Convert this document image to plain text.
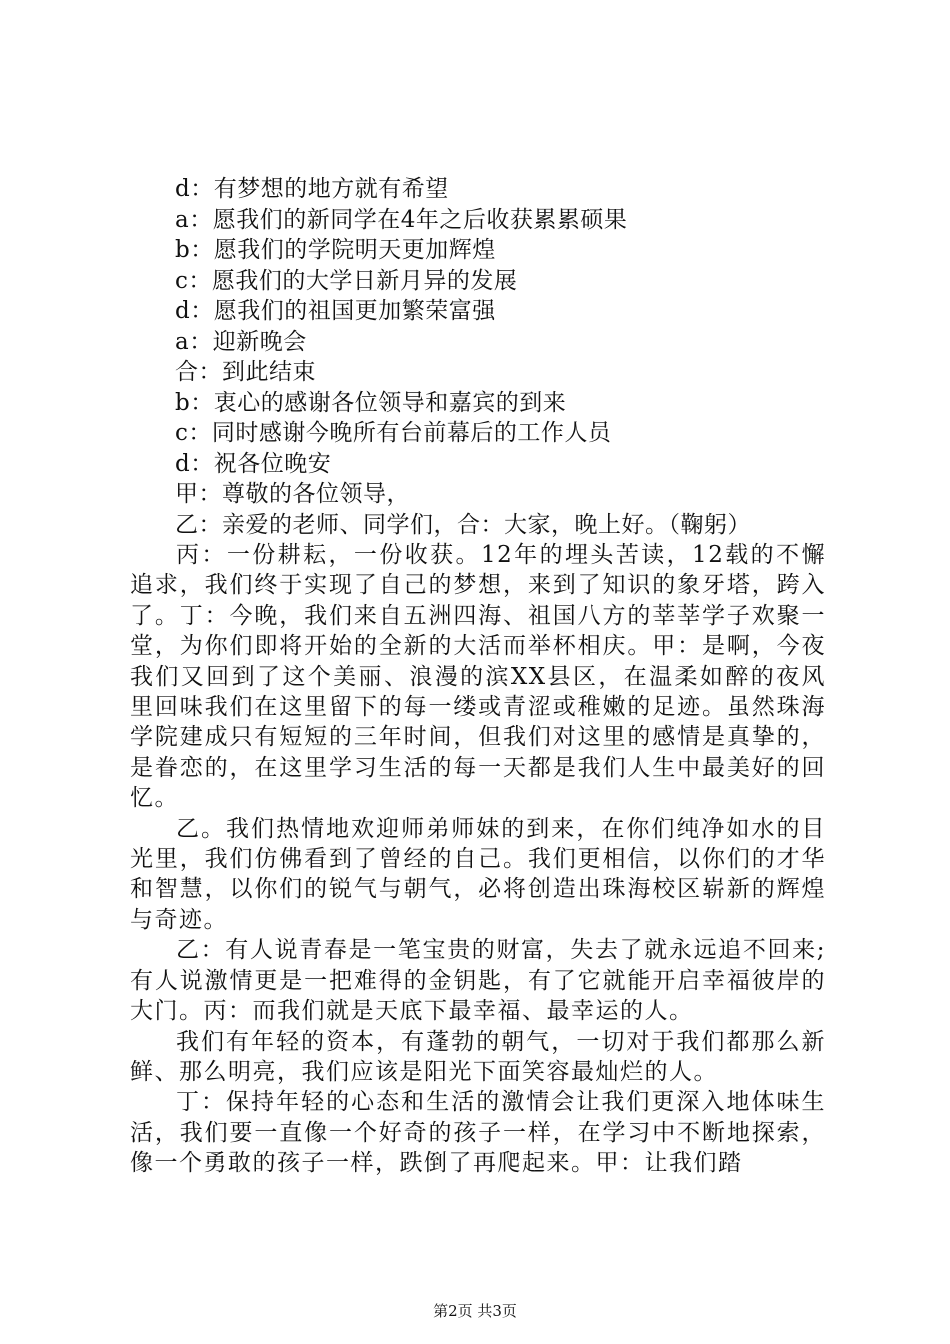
d：有梦想的地方就有希望
a：愿我们的新同学在4年之后收获累累硕果
b：愿我们的学院明天更加辉煌
c：愿我们的大学日新月异的发展
d：愿我们的祖国更加繁荣富强
a：迎新晚会
合：到此结束
b：衷心的感谢各位领导和嘉宾的到来
c：同时感谢今晚所有台前幕后的工作人员
d：祝各位晚安
甲：尊敬的各位领导，
乙：亲爱的老师、同学们，合：大家，晚上好。（鞠躬）

丙：一份耕耘，一份收获。12年的埋头苦读，12载的不懈追求，我们终于实现了自己的梦想，来到了知识的象牙塔，跨入了。丁：今晚，我们来自五洲四海、祖国八方的莘莘学子欢聚一堂，为你们即将开始的全新的大活而举杯相庆。甲：是啊，今夜我们又回到了这个美丽、浪漫的滨XX县区，在温柔如醉的夜风里回味我们在这里留下的每一缕或青涩或稚嫩的足迹。虽然珠海学院建成只有短短的三年时间，但我们对这里的感情是真挚的，是眷恋的，在这里学习生活的每一天都是我们人生中最美好的回忆。

乙。我们热情地欢迎师弟师妹的到来，在你们纯净如水的目光里，我们仿佛看到了曾经的自己。我们更相信，以你们的才华和智慧，以你们的锐气与朝气，必将创造出珠海校区崭新的辉煌与奇迹。

乙：有人说青春是一笔宝贵的财富，失去了就永远追不回来;有人说激情更是一把难得的金钥匙，有了它就能开启幸福彼岸的大门。丙：而我们就是天底下最幸福、最幸运的人。

我们有年轻的资本，有蓬勃的朝气，一切对于我们都那么新鲜、那么明亮，我们应该是阳光下面笑容最灿烂的人。

丁：保持年轻的心态和生活的激情会让我们更深入地体味生活，我们要一直像一个好奇的孩子一样，在学习中不断地探索，像一个勇敢的孩子一样，跌倒了再爬起来。甲：让我们踏

第2页 共3页
